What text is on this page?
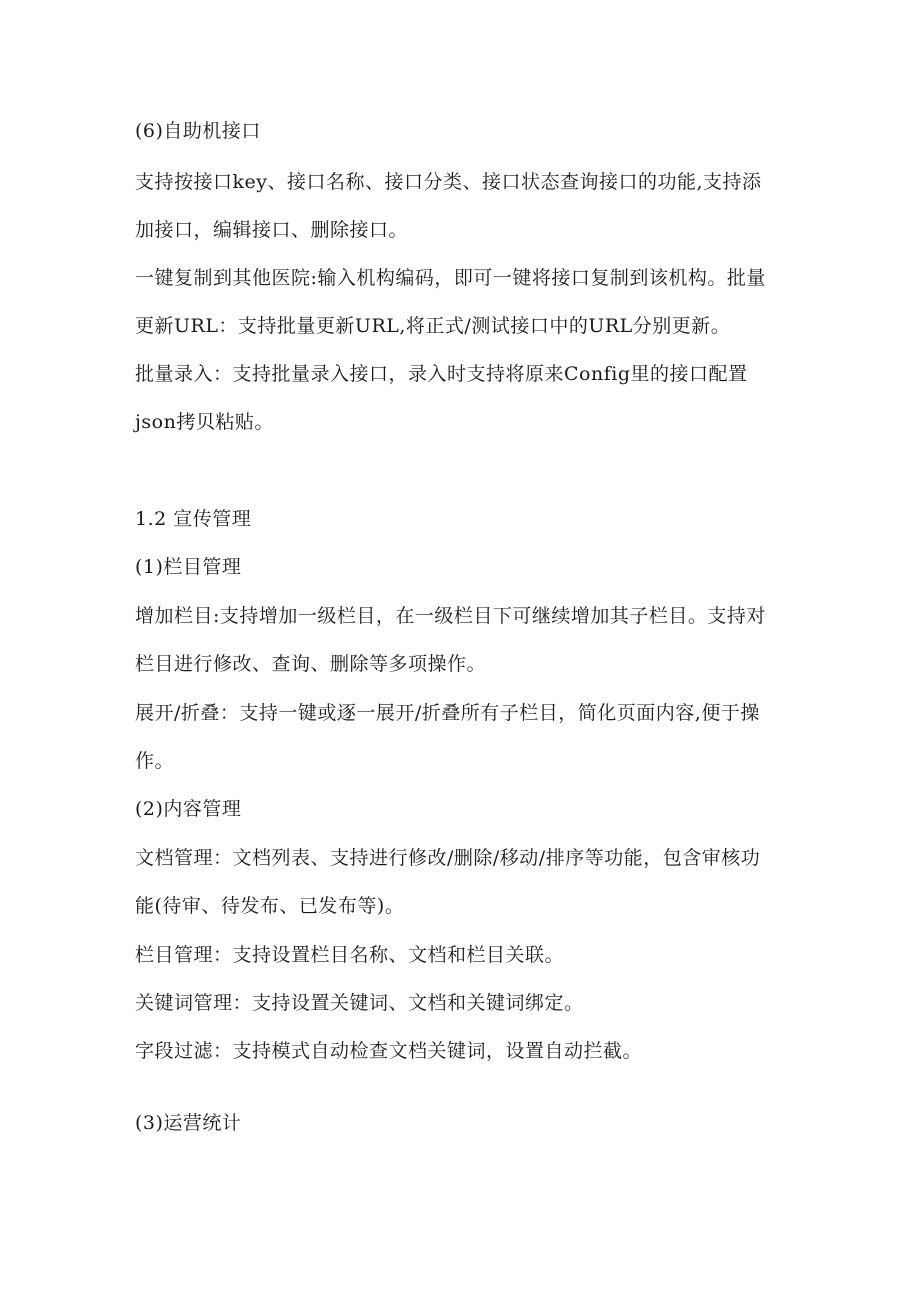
(6)自助机接口
支持按接口key、接口名称、接口分类、接口状态查询接口的功能,支持添
加接口，编辑接口、删除接口。
一键复制到其他医院:输入机构编码，即可一键将接口复制到该机构。批量
更新URL：支持批量更新URL,将正式/测试接口中的URL分别更新。
批量录入：支持批量录入接口，录入时支持将原来Config里的接口配置
json拷贝粘贴。
1.2 宣传管理
(1)栏目管理
增加栏目:支持增加一级栏目，在一级栏目下可继续增加其子栏目。支持对
栏目进行修改、查询、删除等多项操作。
展开/折叠：支持一键或逐一展开/折叠所有子栏目，简化页面内容,便于操
作。
(2)内容管理
文档管理：文档列表、支持进行修改/删除/移动/排序等功能，包含审核功
能(待审、待发布、已发布等)。
栏目管理：支持设置栏目名称、文档和栏目关联。
关键词管理：支持设置关键词、文档和关键词绑定。
字段过滤：支持模式自动检查文档关键词，设置自动拦截。
(3)运营统计
